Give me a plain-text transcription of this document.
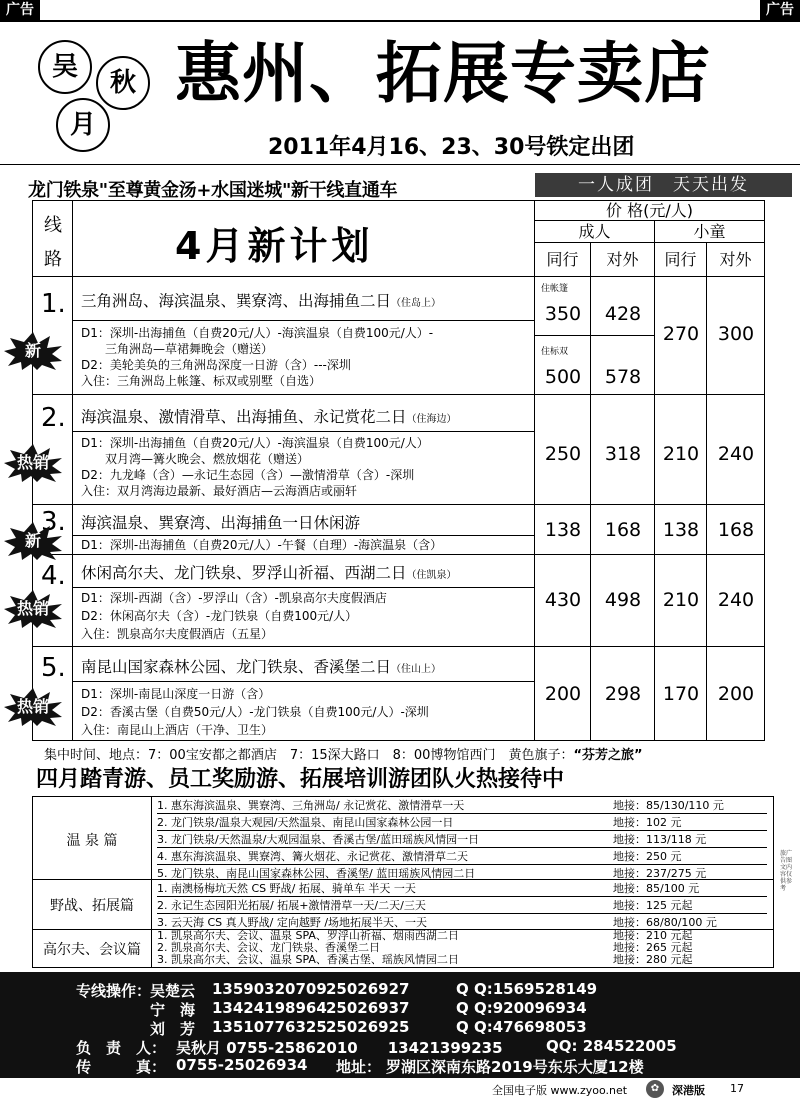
广告	广告
吴
秋
月
惠州、拓展专卖店
2011年4月16、23、30号铁定出团
龙门铁泉"至尊黄金汤+水国迷城"新干线直通车	一人成团　天天出发
线
路
价 格(元/人)
成人	小童
同行	对外	同行	对外
1. 三角洲岛、海滨温泉、巽寮湾、出海捕鱼二日（住岛上）
D1：深圳-出海捕鱼（自费20元/人）-海滨温泉（自费100元/人）-
　　三角洲岛—草裙舞晚会（赠送）
D2：美轮美奂的三角洲岛深度一日游（含）---深圳
入住：三角洲岛上帐篷、标双或别墅（自选）
住帐篷
350	428
住标双
500	578
270 300
2. 海滨温泉、激情滑草、出海捕鱼、永记赏花二日（住海边）
D1：深圳-出海捕鱼（自费20元/人）-海滨温泉（自费100元/人）
　　双月湾—篝火晚会、燃放烟花（赠送）
D2：九龙峰（含）—永记生态园（含）—激情滑草（含）-深圳
入住：双月湾海边最新、最好酒店—云海酒店或丽轩
250	318	210 240
3. 海滨温泉、巽寮湾、出海捕鱼一日休闲游
D1：深圳-出海捕鱼（自费20元/人）-午餐（自理）-海滨温泉（含）
138	168	138 168
4. 休闲高尔夫、龙门铁泉、罗浮山祈福、西湖二日（住凯泉）
D1：深圳-西湖（含）-罗浮山（含）-凯泉高尔夫度假酒店
D2：休闲高尔夫（含）-龙门铁泉（自费100元/人）
入住：凯泉高尔夫度假酒店（五星）
430	498	210 240
5. 南昆山国家森林公园、龙门铁泉、香溪堡二日（住山上）
D1：深圳-南昆山深度一日游（含）
D2：香溪古堡（自费50元/人）-龙门铁泉（自费100元/人）-深圳
入住：南昆山上酒店（干净、卫生）
200	298	170 200
4月新计划
新
热销
新
热销
热销
集中时间、地点：7：00宝安都之都酒店　7：15深大路口　8：00博物馆西门　黄色旗子：“芬芳之旅”
四月踏青游、员工奖励游、拓展培训游团队火热接待中
温 泉 篇
野战、拓展篇
高尔夫、会议篇
1. 惠东海滨温泉、巽寮湾、三角洲岛/ 永记赏花、激情滑草一天	地接：85/130/110 元
2. 龙门铁泉/温泉大观园/天然温泉、南昆山国家森林公园一日	地接：102 元
3. 龙门铁泉/天然温泉/大观园温泉、香溪古堡/蓝田瑶族风情园一日	地接：113/118 元
4. 惠东海滨温泉、巽寮湾、篝火烟花、永记赏花、激情滑草二天	地接：250 元
5. 龙门铁泉、南昆山国家森林公园、香溪堡/ 蓝田瑶族风情园二日	地接：237/275 元
1. 南澳杨梅坑天然 CS 野战/ 拓展、骑单车 半天 一天	地接：85/100 元
2. 永记生态园阳光拓展/ 拓展+激情滑草一天/二天/三天	地接：125 元起
3. 云天海 CS 真人野战/ 定向越野 /场地拓展半天、一天	地接：68/80/100 元
1. 凯泉高尔夫、会议、温泉 SPA、罗浮山祈福、烟雨西湖二日	地接：210 元起
2. 凯泉高尔夫、会议、龙门铁泉、香溪堡二日	地接：265 元起
3. 凯泉高尔夫、会议、温泉 SPA、香溪古堡、瑶族风情园二日	地接：280 元起
专线操作：
吴楚云 13590320709 25026927	Q Q:1569528149
宁　海 13424198964 25026937	Q Q:920096934
刘　芳 13510776325 25026925	Q Q:476698053
负　责　人： 吴秋月 0755-25862010　　13421399235	QQ: 284522005
传　　　真： 0755-25026934 地址： 罗湖区深南东路2019号东乐大厦12楼
旅广告图文内容仅供参考
全国电子版 www.zyoo.net	✿	深港版 17
